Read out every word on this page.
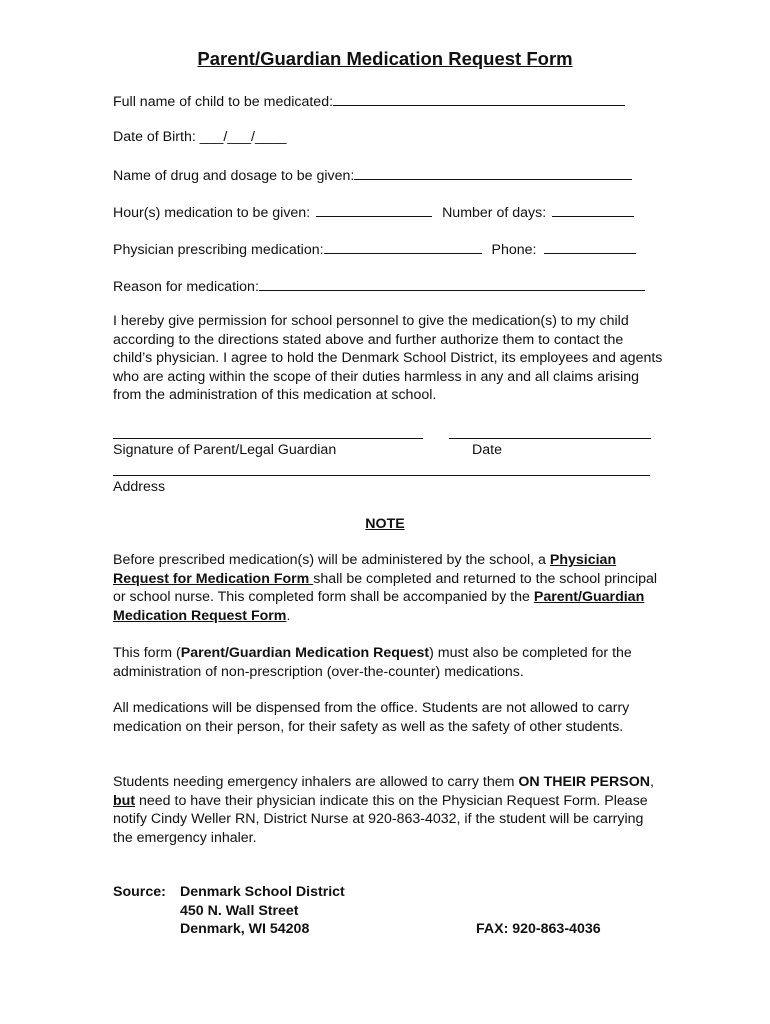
Parent/Guardian Medication Request Form
Full name of child to be medicated:
Date of Birth: ___/___/____
Name of drug and dosage to be given:
Hour(s) medication to be given:	Number of days:
Physician prescribing medication:	Phone:
Reason for medication:
I hereby give permission for school personnel to give the medication(s) to my child according to the directions stated above and further authorize them to contact the child’s physician. I agree to hold the Denmark School District, its employees and agents who are acting within the scope of their duties harmless in any and all claims arising from the administration of this medication at school.
Signature of Parent/Legal Guardian	Date
Address
NOTE
Before prescribed medication(s) will be administered by the school, a Physician Request for Medication Form shall be completed and returned to the school principal or school nurse. This completed form shall be accompanied by the Parent/Guardian Medication Request Form.
This form (Parent/Guardian Medication Request) must also be completed for the administration of non-prescription (over-the-counter) medications.
All medications will be dispensed from the office. Students are not allowed to carry medication on their person, for their safety as well as the safety of other students.
Students needing emergency inhalers are allowed to carry them ON THEIR PERSON, but need to have their physician indicate this on the Physician Request Form. Please notify Cindy Weller RN, District Nurse at 920-863-4032, if the student will be carrying the emergency inhaler.
Source: Denmark School District
450 N. Wall Street
Denmark, WI 54208	FAX: 920-863-4036
